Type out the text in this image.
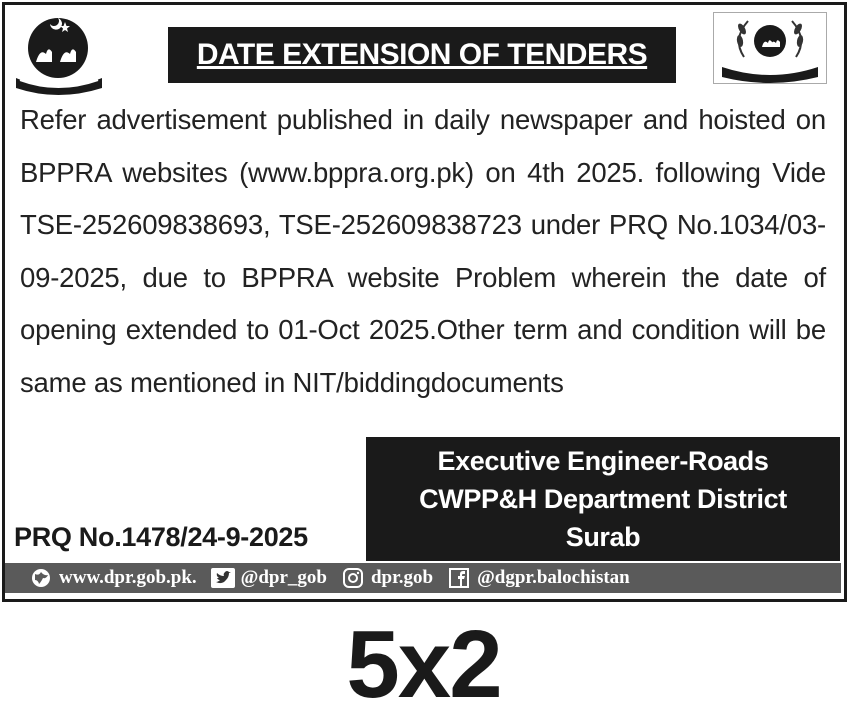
DATE EXTENSION OF TENDERS
Refer advertisement published in daily newspaper and hoisted on BPPRA websites (www.bppra.org.pk) on 4th 2025. following Vide TSE-252609838693, TSE-252609838723 under PRQ No.1034/03-09-2025, due to BPPRA website Problem wherein the date of opening extended to 01-Oct 2025.Other term and condition will be same as mentioned in NIT/biddingdocuments
Executive Engineer-Roads
CWPP&H Department District
Surab
PRQ No.1478/24-9-2025
www.dpr.gob.pk. @dpr_gob dpr.gob @dgpr.balochistan
5x2
